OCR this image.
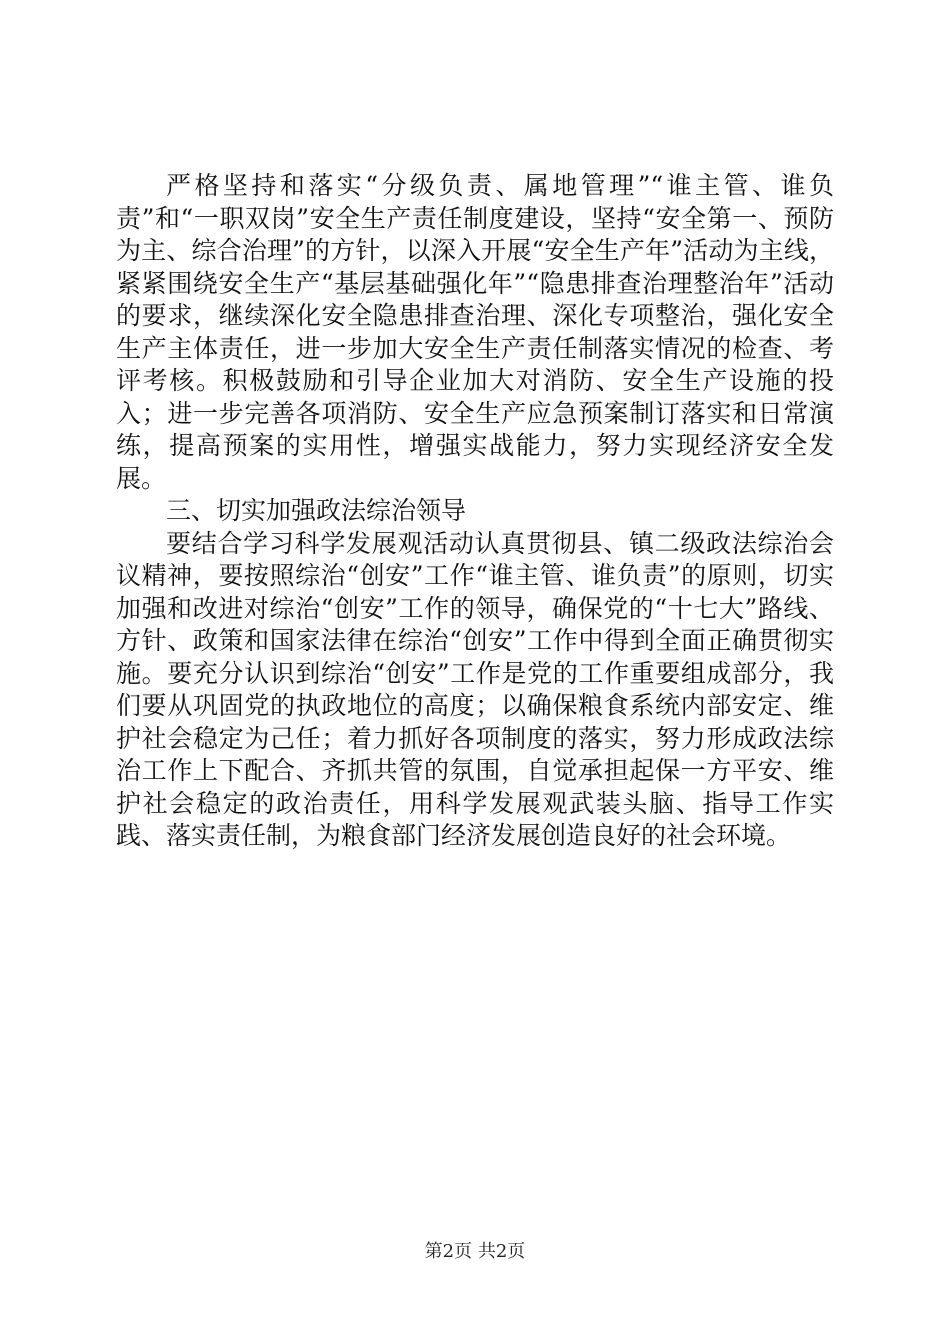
严格坚持和落实“分级负责、属地管理”“谁主管、谁负责”和“一职双岗”安全生产责任制度建设，坚持“安全第一、预防为主、综合治理”的方针，以深入开展“安全生产年”活动为主线，紧紧围绕安全生产“基层基础强化年”“隐患排查治理整治年”活动的要求，继续深化安全隐患排查治理、深化专项整治，强化安全生产主体责任，进一步加大安全生产责任制落实情况的检查、考评考核。积极鼓励和引导企业加大对消防、安全生产设施的投入；进一步完善各项消防、安全生产应急预案制订落实和日常演练，提高预案的实用性，增强实战能力，努力实现经济安全发展。

三、切实加强政法综治领导

要结合学习科学发展观活动认真贯彻县、镇二级政法综治会议精神，要按照综治“创安”工作“谁主管、谁负责”的原则，切实加强和改进对综治“创安”工作的领导，确保党的“十七大”路线、方针、政策和国家法律在综治“创安”工作中得到全面正确贯彻实施。要充分认识到综治“创安”工作是党的工作重要组成部分，我们要从巩固党的执政地位的高度；以确保粮食系统内部安定、维护社会稳定为己任；着力抓好各项制度的落实，努力形成政法综治工作上下配合、齐抓共管的氛围，自觉承担起保一方平安、维护社会稳定的政治责任，用科学发展观武装头脑、指导工作实践、落实责任制，为粮食部门经济发展创造良好的社会环境。

第2页 共2页
